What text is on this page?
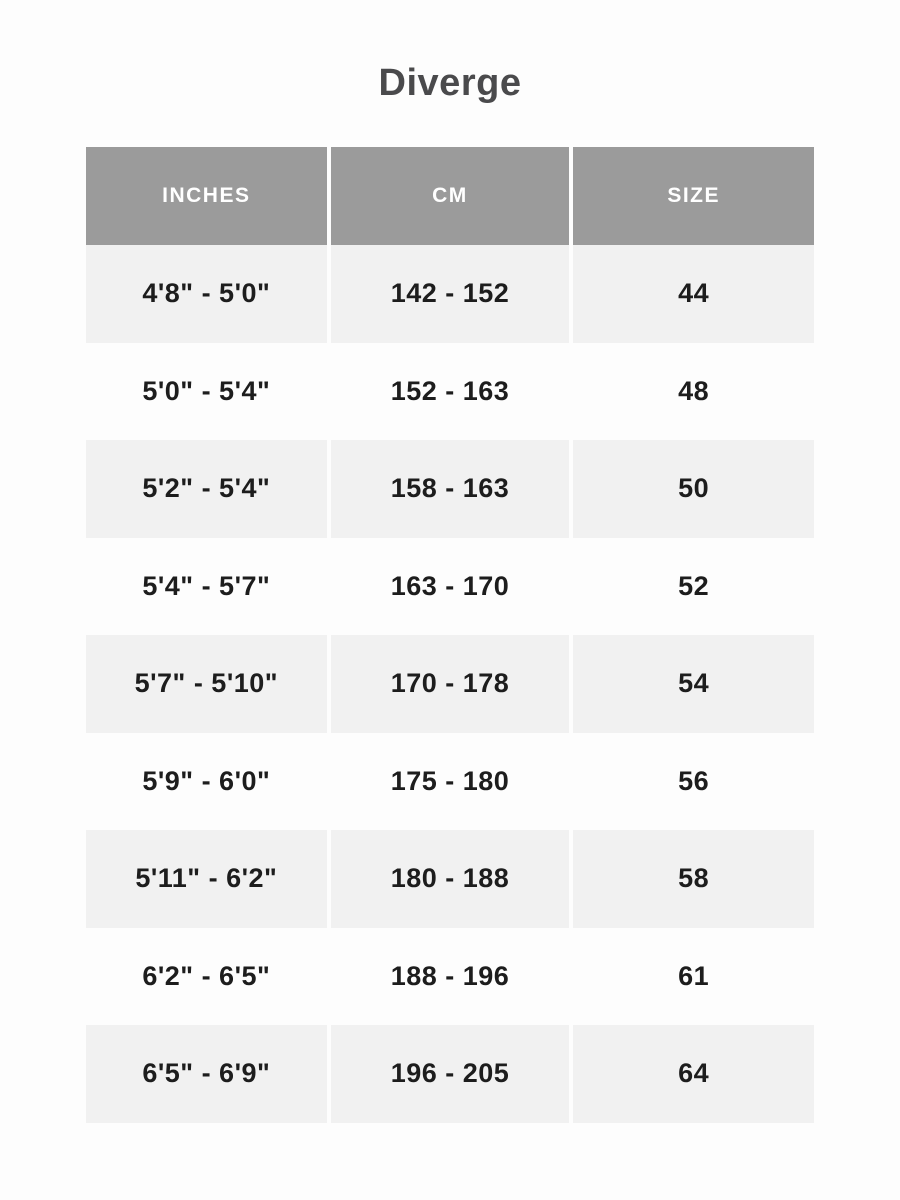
Diverge
INCHES	CM	SIZE
4'8" - 5'0"	142 - 152	44
5'0" - 5'4"	152 - 163	48
5'2" - 5'4"	158 - 163	50
5'4" - 5'7"	163 - 170	52
5'7" - 5'10"	170 - 178	54
5'9" - 6'0"	175 - 180	56
5'11" - 6'2"	180 - 188	58
6'2" - 6'5"	188 - 196	61
6'5" - 6'9"	196 - 205	64
